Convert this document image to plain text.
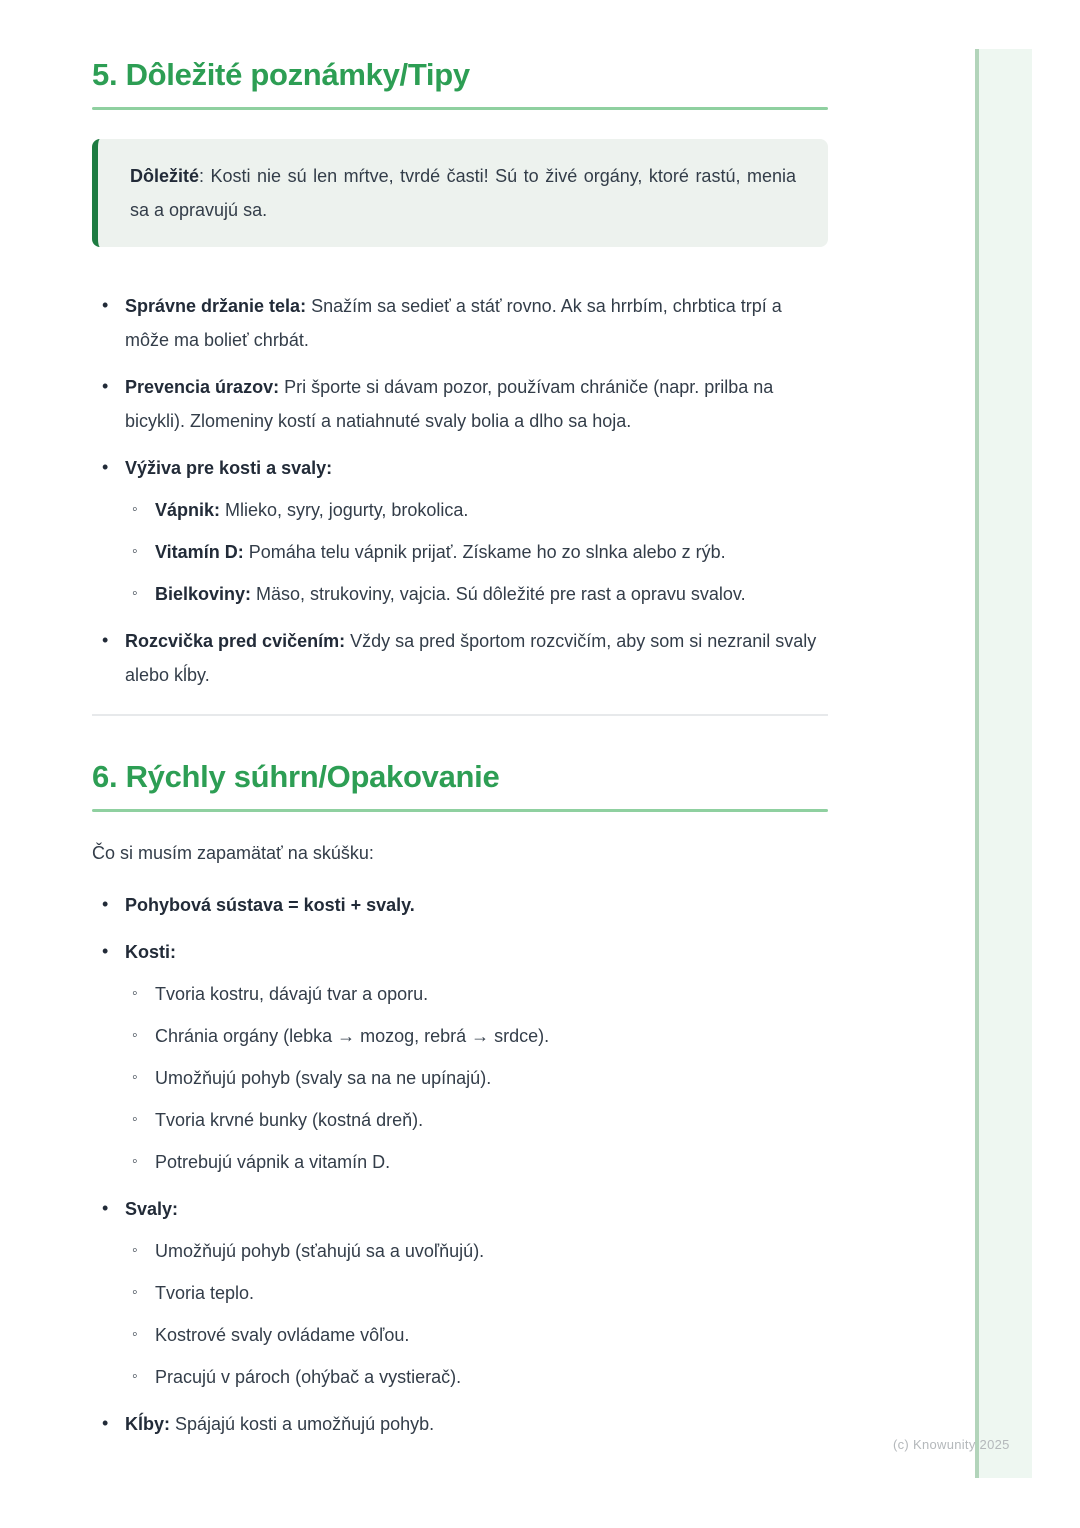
(c) Knowunity 2025
5. Dôležité poznámky/Tipy
Dôležité: Kosti nie sú len mŕtve, tvrdé časti! Sú to živé orgány, ktoré rastú, menia sa a opravujú sa.
• Správne držanie tela: Snažím sa sedieť a stáť rovno. Ak sa hrrbím, chrbtica trpí a môže ma bolieť chrbát.
• Prevencia úrazov: Pri športe si dávam pozor, používam chrániče (napr. prilba na bicykli). Zlomeniny kostí a natiahnuté svaly bolia a dlho sa hoja.
• Výživa pre kosti a svaly:
◦ Vápnik: Mlieko, syry, jogurty, brokolica.
◦ Vitamín D: Pomáha telu vápnik prijať. Získame ho zo slnka alebo z rýb.
◦ Bielkoviny: Mäso, strukoviny, vajcia. Sú dôležité pre rast a opravu svalov.
• Rozcvička pred cvičením: Vždy sa pred športom rozcvičím, aby som si nezranil svaly alebo kĺby.
6. Rýchly súhrn/Opakovanie

Čo si musím zapamätať na skúšku:

• Pohybová sústava = kosti + svaly.
• Kosti:
◦ Tvoria kostru, dávajú tvar a oporu.
◦ Chránia orgány (lebka → mozog, rebrá → srdce).
◦ Umožňujú pohyb (svaly sa na ne upínajú).
◦ Tvoria krvné bunky (kostná dreň).
◦ Potrebujú vápnik a vitamín D.
• Svaly:
◦ Umožňujú pohyb (sťahujú sa a uvoľňujú).
◦ Tvoria teplo.
◦ Kostrové svaly ovládame vôľou.
◦ Pracujú v pároch (ohýbač a vystierač).
• Kĺby: Spájajú kosti a umožňujú pohyb.
